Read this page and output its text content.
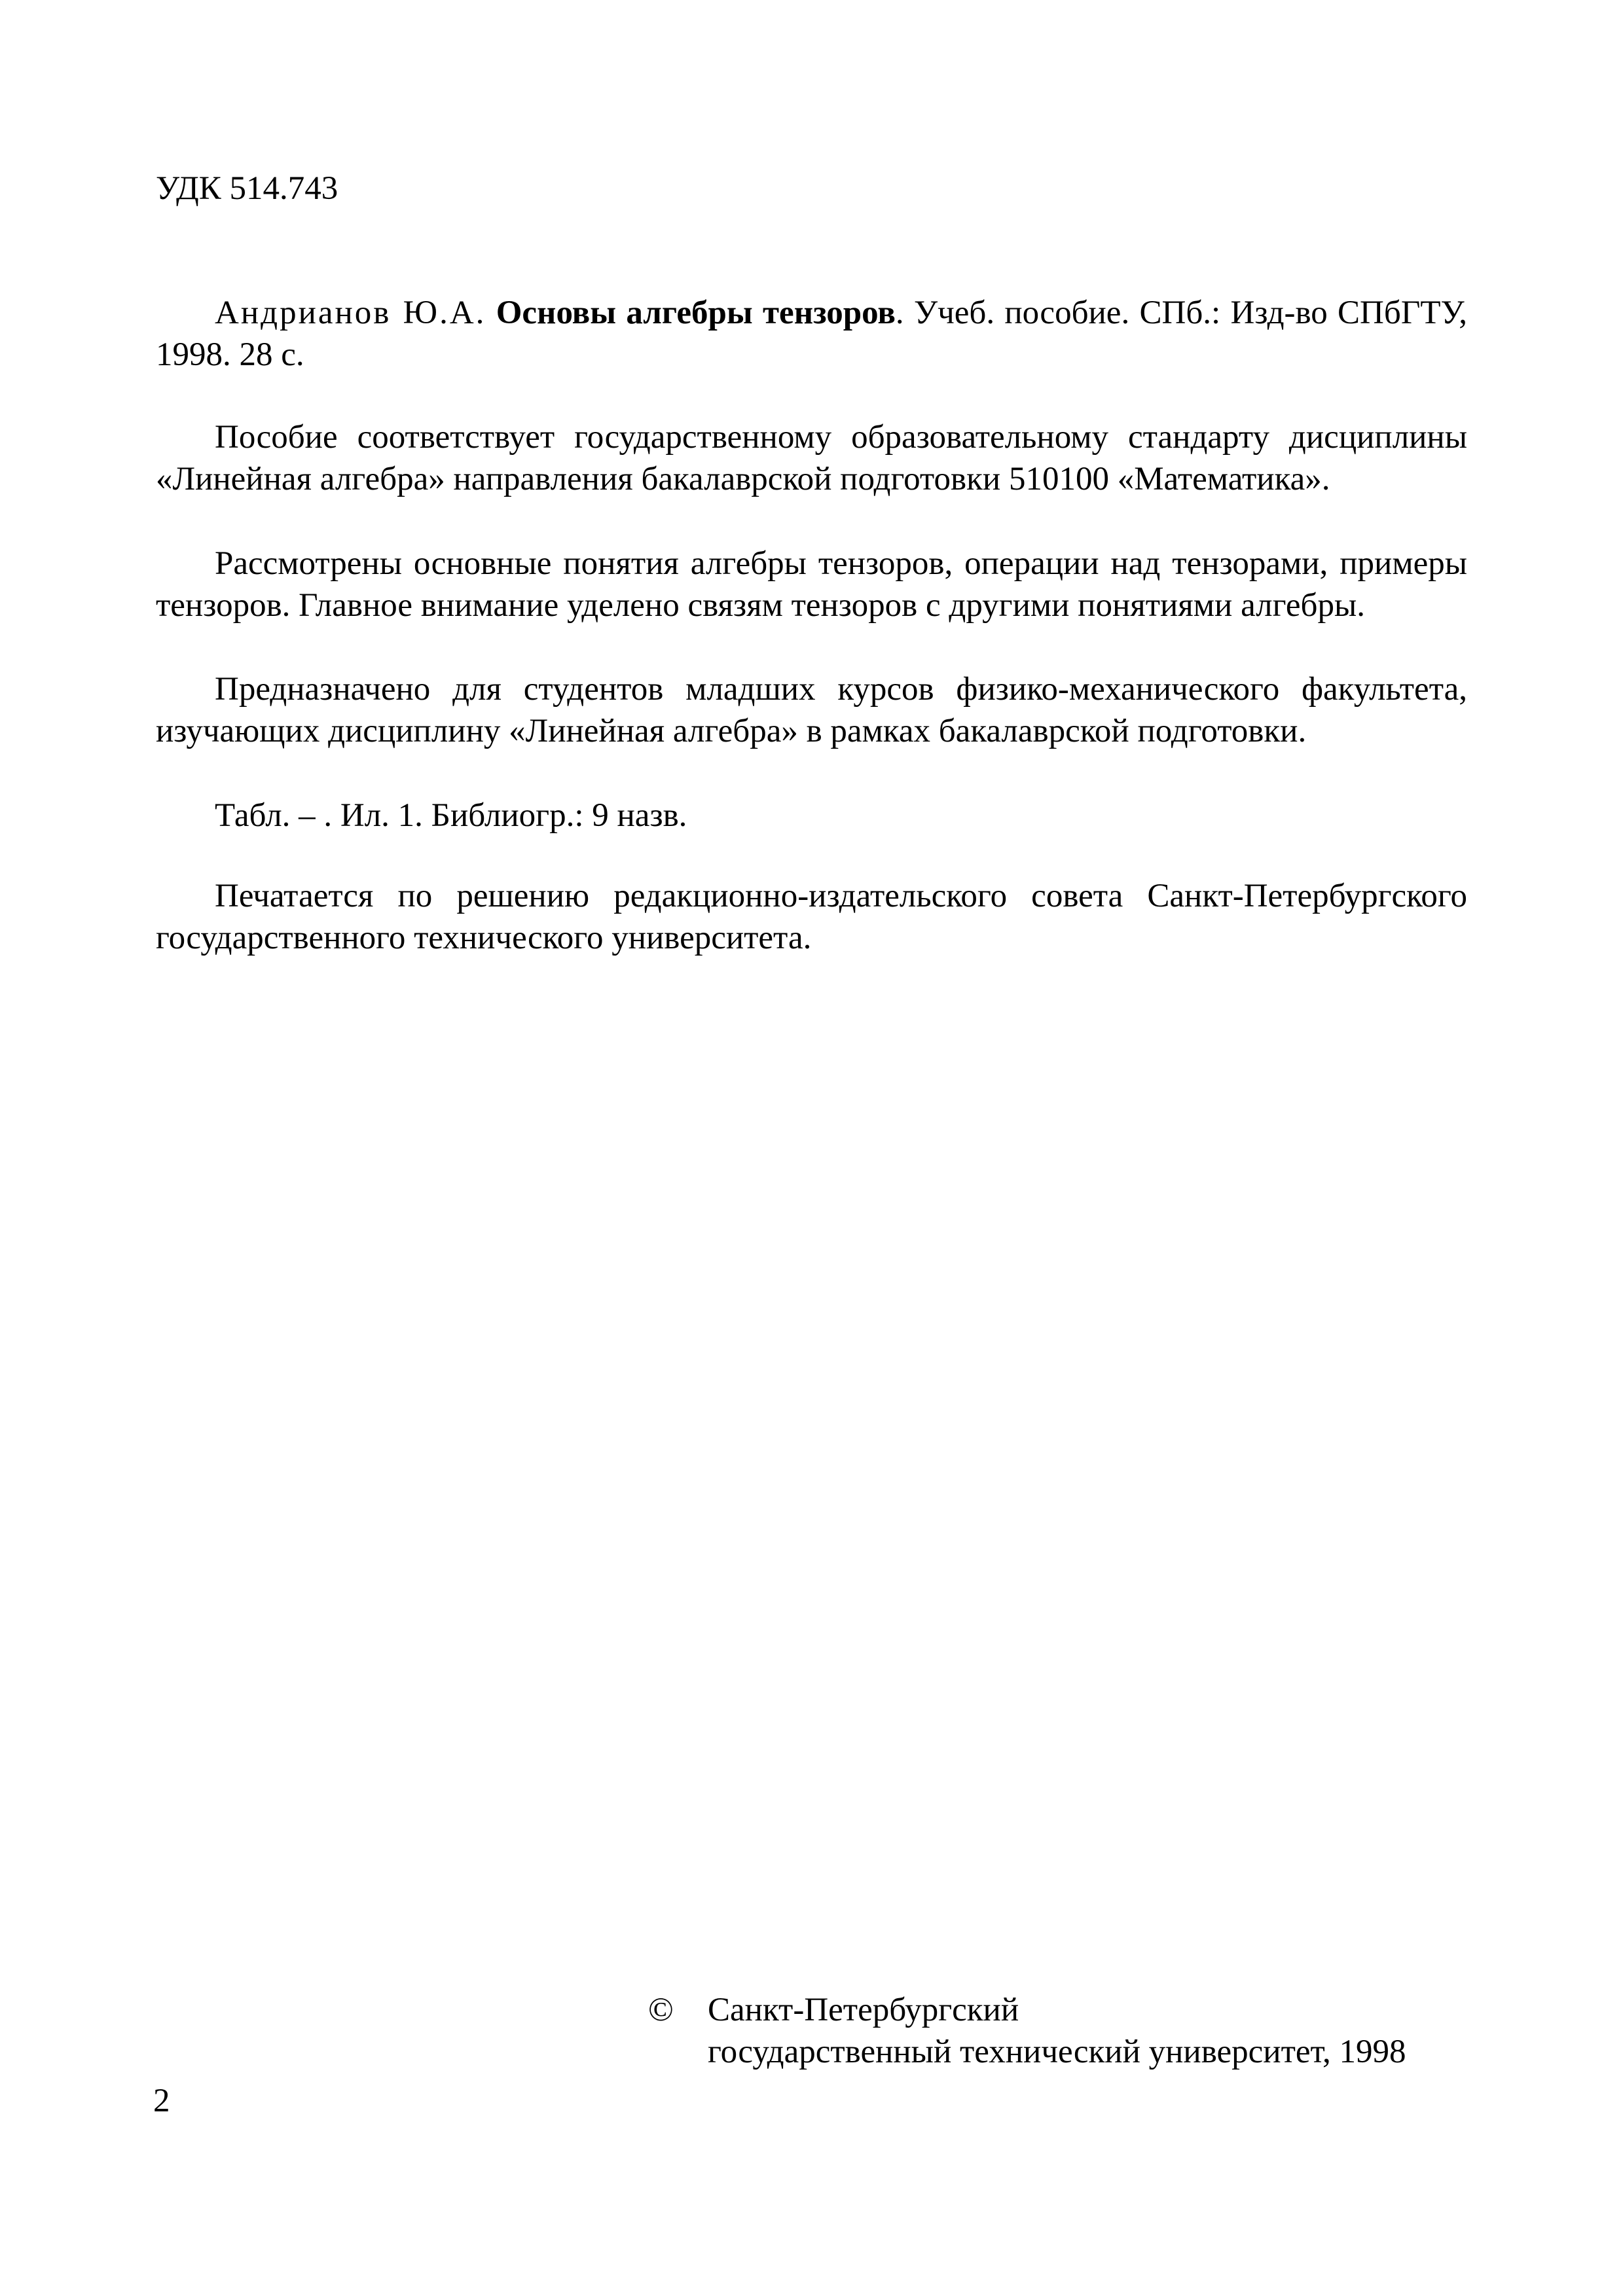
УДК 514.743

Андрианов Ю.А. Основы алгебры тензоров. Учеб. пособие. СПб.: Изд-во СПбГТУ, 1998. 28 с.

Пособие соответствует государственному образовательному стандарту дисциплины «Линейная алгебра» направления бакалаврской подготовки 510100 «Математика».

Рассмотрены основные понятия алгебры тензоров, операции над тензорами, примеры тензоров. Главное внимание уделено связям тензоров с другими понятиями алгебры.

Предназначено для студентов младших курсов физико-механического факультета, изучающих дисциплину «Линейная алгебра» в рамках бакалаврской подготовки.

Табл. – . Ил. 1. Библиогр.: 9 назв.

Печатается по решению редакционно-издательского совета Санкт-Петербургского государственного технического университета.

© Санкт-Петербургский
государственный технический университет, 1998
2
